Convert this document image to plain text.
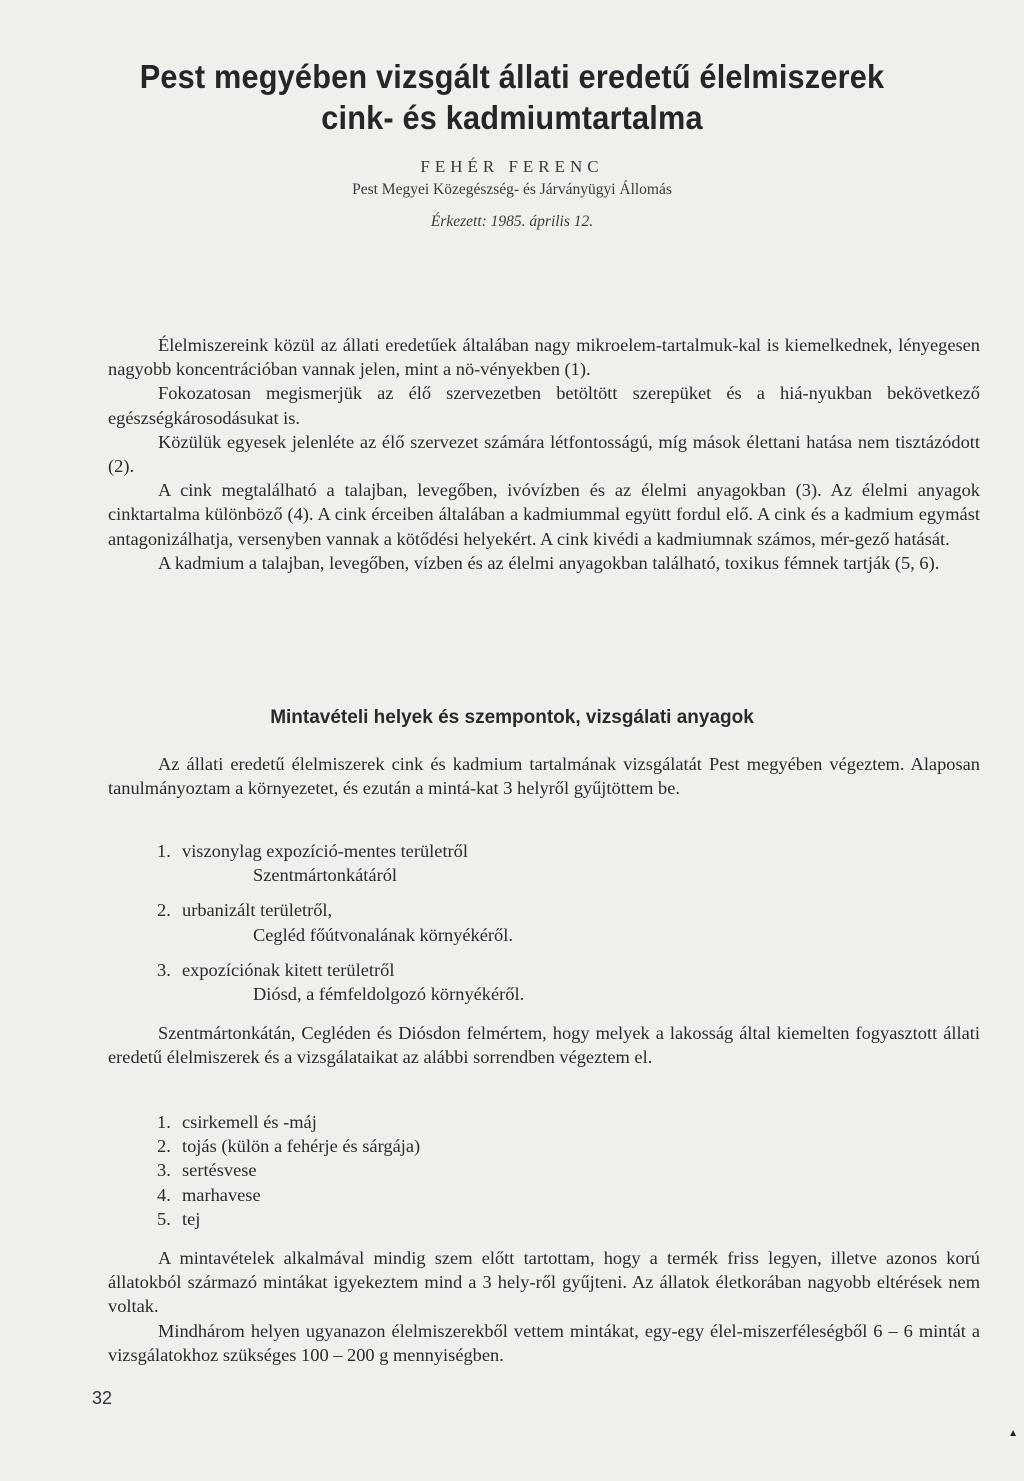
Pest megyében vizsgált állati eredetű élelmiszerek
cink- és kadmiumtartalma
FEHÉR FERENC
Pest Megyei Közegészség- és Járványügyi Állomás
Érkezett: 1985. április 12.

Élelmiszereink közül az állati eredetűek általában nagy mikroelem-tartalmuk-kal is kiemelkednek, lényegesen nagyobb koncentrációban vannak jelen, mint a nö-vényekben (1).

Fokozatosan megismerjük az élő szervezetben betöltött szerepüket és a hiá-nyukban bekövetkező egészségkárosodásukat is.

Közülük egyesek jelenléte az élő szervezet számára létfontosságú, míg mások élettani hatása nem tisztázódott (2).

A cink megtalálható a talajban, levegőben, ivóvízben és az élelmi anyagokban (3). Az élelmi anyagok cinktartalma különböző (4). A cink érceiben általában a kadmiummal együtt fordul elő. A cink és a kadmium egymást antagonizálhatja, versenyben vannak a kötődési helyekért. A cink kivédi a kadmiumnak számos, mér-gező hatását.

A kadmium a talajban, levegőben, vízben és az élelmi anyagokban található, toxikus fémnek tartják (5, 6).

Mintavételi helyek és szempontok, vizsgálati anyagok

Az állati eredetű élelmiszerek cink és kadmium tartalmának vizsgálatát Pest megyében végeztem. Alaposan tanulmányoztam a környezetet, és ezután a mintá-kat 3 helyről gyűjtöttem be.

1. viszonylag expozíció-mentes területről
Szentmártonkátáról
2. urbanizált területről,
Cegléd főútvonalának környékéről.
3. expozíciónak kitett területről
Diósd, a fémfeldolgozó környékéről.

Szentmártonkátán, Cegléden és Diósdon felmértem, hogy melyek a lakosság által kiemelten fogyasztott állati eredetű élelmiszerek és a vizsgálataikat az alábbi sorrendben végeztem el.

1. csirkemell és -máj
2. tojás (külön a fehérje és sárgája)
3. sertésvese
4. marhavese
5. tej

A mintavételek alkalmával mindig szem előtt tartottam, hogy a termék friss legyen, illetve azonos korú állatokból származó mintákat igyekeztem mind a 3 hely-ről gyűjteni. Az állatok életkorában nagyobb eltérések nem voltak.

Mindhárom helyen ugyanazon élelmiszerekből vettem mintákat, egy-egy élel-miszerféleségből 6 – 6 mintát a vizsgálatokhoz szükséges 100 – 200 g mennyiségben.

32
▲
